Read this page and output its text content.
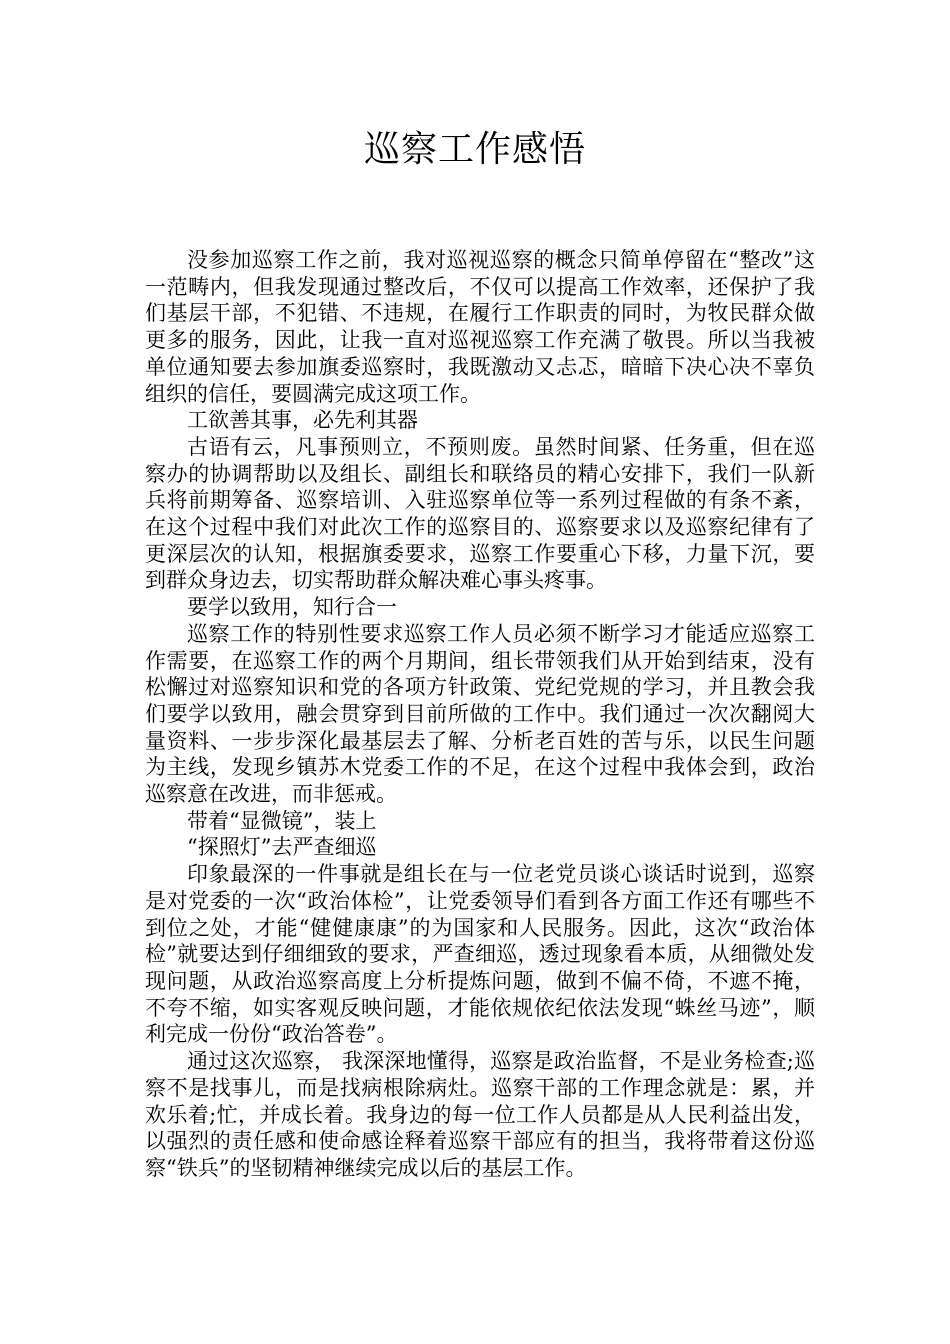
巡察工作感悟

没参加巡察工作之前，我对巡视巡察的概念只简单停留在“整改”这一范畴内，但我发现通过整改后，不仅可以提高工作效率，还保护了我们基层干部，不犯错、不违规，在履行工作职责的同时，为牧民群众做更多的服务，因此，让我一直对巡视巡察工作充满了敬畏。所以当我被单位通知要去参加旗委巡察时，我既激动又忐忑，暗暗下决心决不辜负组织的信任，要圆满完成这项工作。

工欲善其事，必先利其器

古语有云，凡事预则立，不预则废。虽然时间紧、任务重，但在巡察办的协调帮助以及组长、副组长和联络员的精心安排下，我们一队新兵将前期筹备、巡察培训、入驻巡察单位等一系列过程做的有条不紊，在这个过程中我们对此次工作的巡察目的、巡察要求以及巡察纪律有了更深层次的认知，根据旗委要求，巡察工作要重心下移，力量下沉，要到群众身边去，切实帮助群众解决难心事头疼事。

要学以致用，知行合一

巡察工作的特别性要求巡察工作人员必须不断学习才能适应巡察工作需要，在巡察工作的两个月期间，组长带领我们从开始到结束，没有松懈过对巡察知识和党的各项方针政策、党纪党规的学习，并且教会我们要学以致用，融会贯穿到目前所做的工作中。我们通过一次次翻阅大量资料、一步步深化最基层去了解、分析老百姓的苦与乐，以民生问题为主线，发现乡镇苏木党委工作的不足，在这个过程中我体会到，政治巡察意在改进，而非惩戒。

带着“显微镜”，装上

“探照灯”去严查细巡

印象最深的一件事就是组长在与一位老党员谈心谈话时说到，巡察是对党委的一次“政治体检”，让党委领导们看到各方面工作还有哪些不到位之处，才能“健健康康”的为国家和人民服务。因此，这次“政治体检”就要达到仔细细致的要求，严查细巡，透过现象看本质，从细微处发现问题，从政治巡察高度上分析提炼问题，做到不偏不倚，不遮不掩，不夸不缩，如实客观反映问题，才能依规依纪依法发现“蛛丝马迹”，顺利完成一份份“政治答卷”。

通过这次巡察， 我深深地懂得，巡察是政治监督，不是业务检查;巡察不是找事儿，而是找病根除病灶。巡察干部的工作理念就是：累，并欢乐着;忙，并成长着。我身边的每一位工作人员都是从人民利益出发，以强烈的责任感和使命感诠释着巡察干部应有的担当，我将带着这份巡察“铁兵”的坚韧精神继续完成以后的基层工作。
